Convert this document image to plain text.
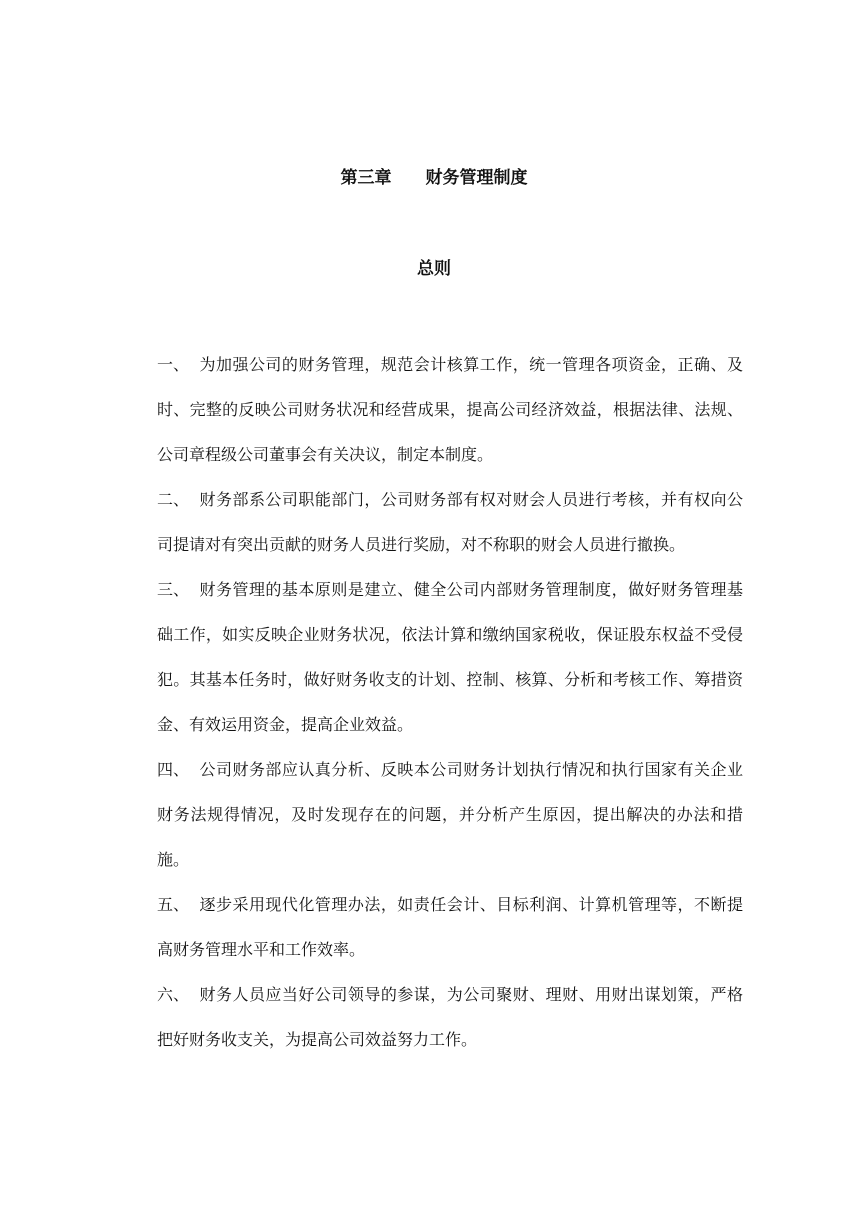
第三章 财务管理制度
总则

一、 为加强公司的财务管理，规范会计核算工作，统一管理各项资金，正确、及时、完整的反映公司财务状况和经营成果，提高公司经济效益，根据法律、法规、公司章程级公司董事会有关决议，制定本制度。

二、 财务部系公司职能部门，公司财务部有权对财会人员进行考核，并有权向公司提请对有突出贡献的财务人员进行奖励，对不称职的财会人员进行撤换。

三、 财务管理的基本原则是建立、健全公司内部财务管理制度，做好财务管理基础工作，如实反映企业财务状况，依法计算和缴纳国家税收，保证股东权益不受侵犯。其基本任务时，做好财务收支的计划、控制、核算、分析和考核工作、筹措资金、有效运用资金，提高企业效益。

四、 公司财务部应认真分析、反映本公司财务计划执行情况和执行国家有关企业财务法规得情况，及时发现存在的问题，并分析产生原因，提出解决的办法和措施。

五、 逐步采用现代化管理办法，如责任会计、目标利润、计算机管理等，不断提高财务管理水平和工作效率。

六、 财务人员应当好公司领导的参谋，为公司聚财、理财、用财出谋划策，严格把好财务收支关，为提高公司效益努力工作。
